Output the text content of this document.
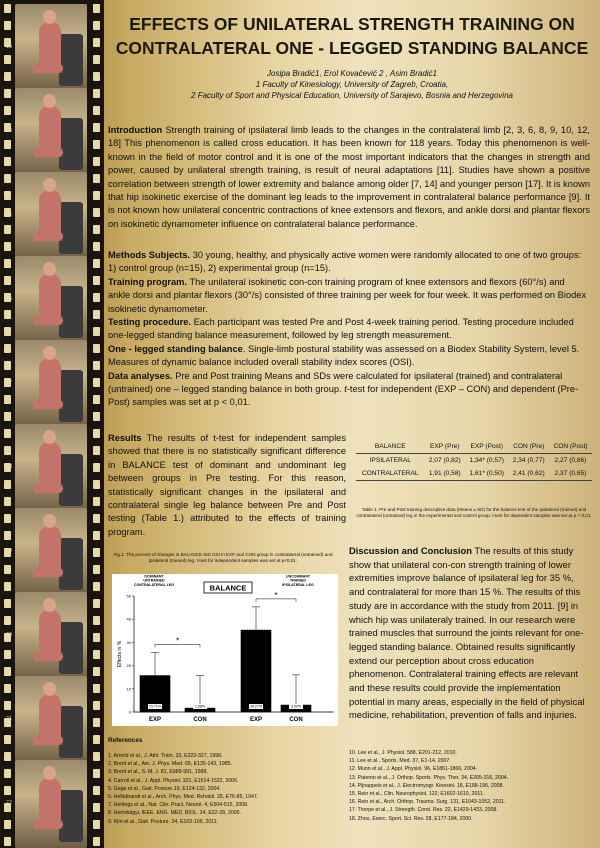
13
14
15
16
17
18
19
20
21
22
EFFECTS OF UNILATERAL STRENGTH TRAINING ON
CONTRALATERAL ONE - LEGGED STANDING BALANCE
Josipa Bradić1, Erol Kovačević 2 , Asim Bradić1
1 Faculty of Kinesiology, University of Zagreb, Croatia,
2 Faculty of Sport and Physical Education, University of Sarajevo, Bosnia and Herzegovina
Introduction Strength training of ipsilateral limb leads to the changes in the contralateral limb [2, 3, 6, 8, 9, 10, 12, 18] This phenomenon is called cross education. It has been known for 118 years. Today this phenomenon is well-known in the field of motor control and it is one of the most important indicators that the changes in strength and power, caused by unilateral strength training, is result of neural adaptations [11]. Studies have shown a positive correlation between strength of lower extremity and balance among older [7, 14] and younger person [17]. It is known that hip isokinetic exercise of the dominant leg leads to the improvement in contralateral balance performance [9]. It is not known how unilateral concentric contractions of knee extensors and flexors, and ankle dorsi and plantar flexors on isokinetic dynamometer influence on contralateral balance performance.
Methods Subjects. 30 young, healthy, and physically active women were randomly allocated to one of two groups: 1) control group (n=15), 2) experimental group (n=15).
Training program. The unilateral isokinetic con-con training program of knee extensors and flexors (60°/s) and ankle dorsi and plantar flexors (30°/s) consisted of three training per week for four week. It was performed on Biodex isokinetic dynamometer.
Testing procedure. Each participant was tested Pre and Post 4-week training period. Testing procedure included one-legged standing balance measurement, followed by leg strength measurement.
One - legged standing balance. Single-limb postural stability was assessed on a Biodex Stability System, level 5. Measures of dynamic balance included overall stability index scores (OSI).
Data analyses. Pre and Post training Means and SDs were calculated for ipsilateral (trained) and contralateral (untrained) one – legged standing balance in both group. t-test for independent (EXP – CON) and dependent (Pre-Post) samples was set at p < 0,01.
Results The results of t-test for independent samples showed that there is no statistically significant difference in BALANCE test of dominant and undominant leg between groups in Pre testing. For this reason, statistically significant changes in the ipsilateral and contralateral single leg balance between Pre and Post testing (Table 1.) attributed to the effects of training program.
BALANCE	EXP (Pre)	EXP (Post)	CON (Pre)	CON (Post)
IPSILATERAL	2,07 (0,82)	1,34* (0,57)	2,34 (0,77)	2,27 (0,86)
CONTRALATERAL	1,91 (0,58)	1,61* (0,50)	2,41 (0,62)	2,37 (0,65)
Table 1. Pre and Post training descriptive data (Means ± SD) for the balance test of the ipsilateral (trained) and contralateral (untrained) leg in the experimental and control group. t-test for dependent samples was set at p < 0,01.
Fig.1. The percent of changes in BALANCE test OSI in EXP and CON group in contralateral (untrained) and ipsilateral (trained) leg. t-test for independent samples was set at p<0,01.
BALANCE
DOMINANT
UNTRAINED
CONTRALATERAL LEG
UNCOMMANT
TRAINED
IPSILATERAL LEG
0
10
20
30
40
50
Effects in %
15.71%
EXP
1.66%
CON
35.27%
EXP
3.00%
CON
*
*
Discussion and Conclusion The results of this study show that unilateral con-con strength training of lower extremities improve balance of ipsilateral leg for 35 %, and contralateral for more than 15 %. The results of this study are in accordance with the study from 2011. [9] in which hip was unilateraly trained. In our research were trained muscles that surround the joints relevant for one-legged standing balance. Obtained results significantly extend our perception about cross education phenomenon. Contralateral training effects are relevant and these results could provide the implementation potential in many areas, especially in the field of physical medicine, rehabilitation, prevention of falls and injuries.
References
1. Arnold et al., J. Athl. Train. 33, E323-327, 1998.
2. Brent et al., Am. J. Phys. Med. 65, E135-143, 1985.
3. Brent et al., S. M. J. 81, E989-991, 1988.
4. Carroll et al., J. Appl. Physiol. 101, E1514-1522, 2006.
5. Gage et al., Gait. Posture.19, E124-132, 2004.
6. Hellebrandt et al., Arch. Phys. Med. Rehabil. 28, E76-85, 1947.
7. Horlings et al., Nat. Clin. Pract. Neurol. 4, E504-515, 2008.
8. Hortobágyi, IEEE. ENG. MED. BIOL. 24, E22-28, 2005.
9. Kim et al., Gait. Posture. 34, E103-106, 2011.
10. Lee et al., J. Physiol. 588, E201-212, 2010.
11. Lee et al., Sports. Med. 37, E1-14, 2007.
12. Munn et al., J. Appl. Physiol. 96, E1861-1866, 2004.
13. Paterno et al., J. Orthop. Sports. Phys. Ther. 34, E305-316, 2004.
14. Pijnappels et al., J. Electromyogr. Kinesiol. 18, E188-196, 2008.
15. Rein et al., Clin. Neurophysiol. 122, E1602-1610, 2011.
16. Rein et al., Arch. Orthop. Trauma. Surg. 131, E1043-1052, 2011.
17. Thorpe et al., J. Strength. Cond. Res. 22, E1429-1433, 2008.
18. Zhou, Exerc. Sport. Sci. Rev. 28, E177-184, 2000.
